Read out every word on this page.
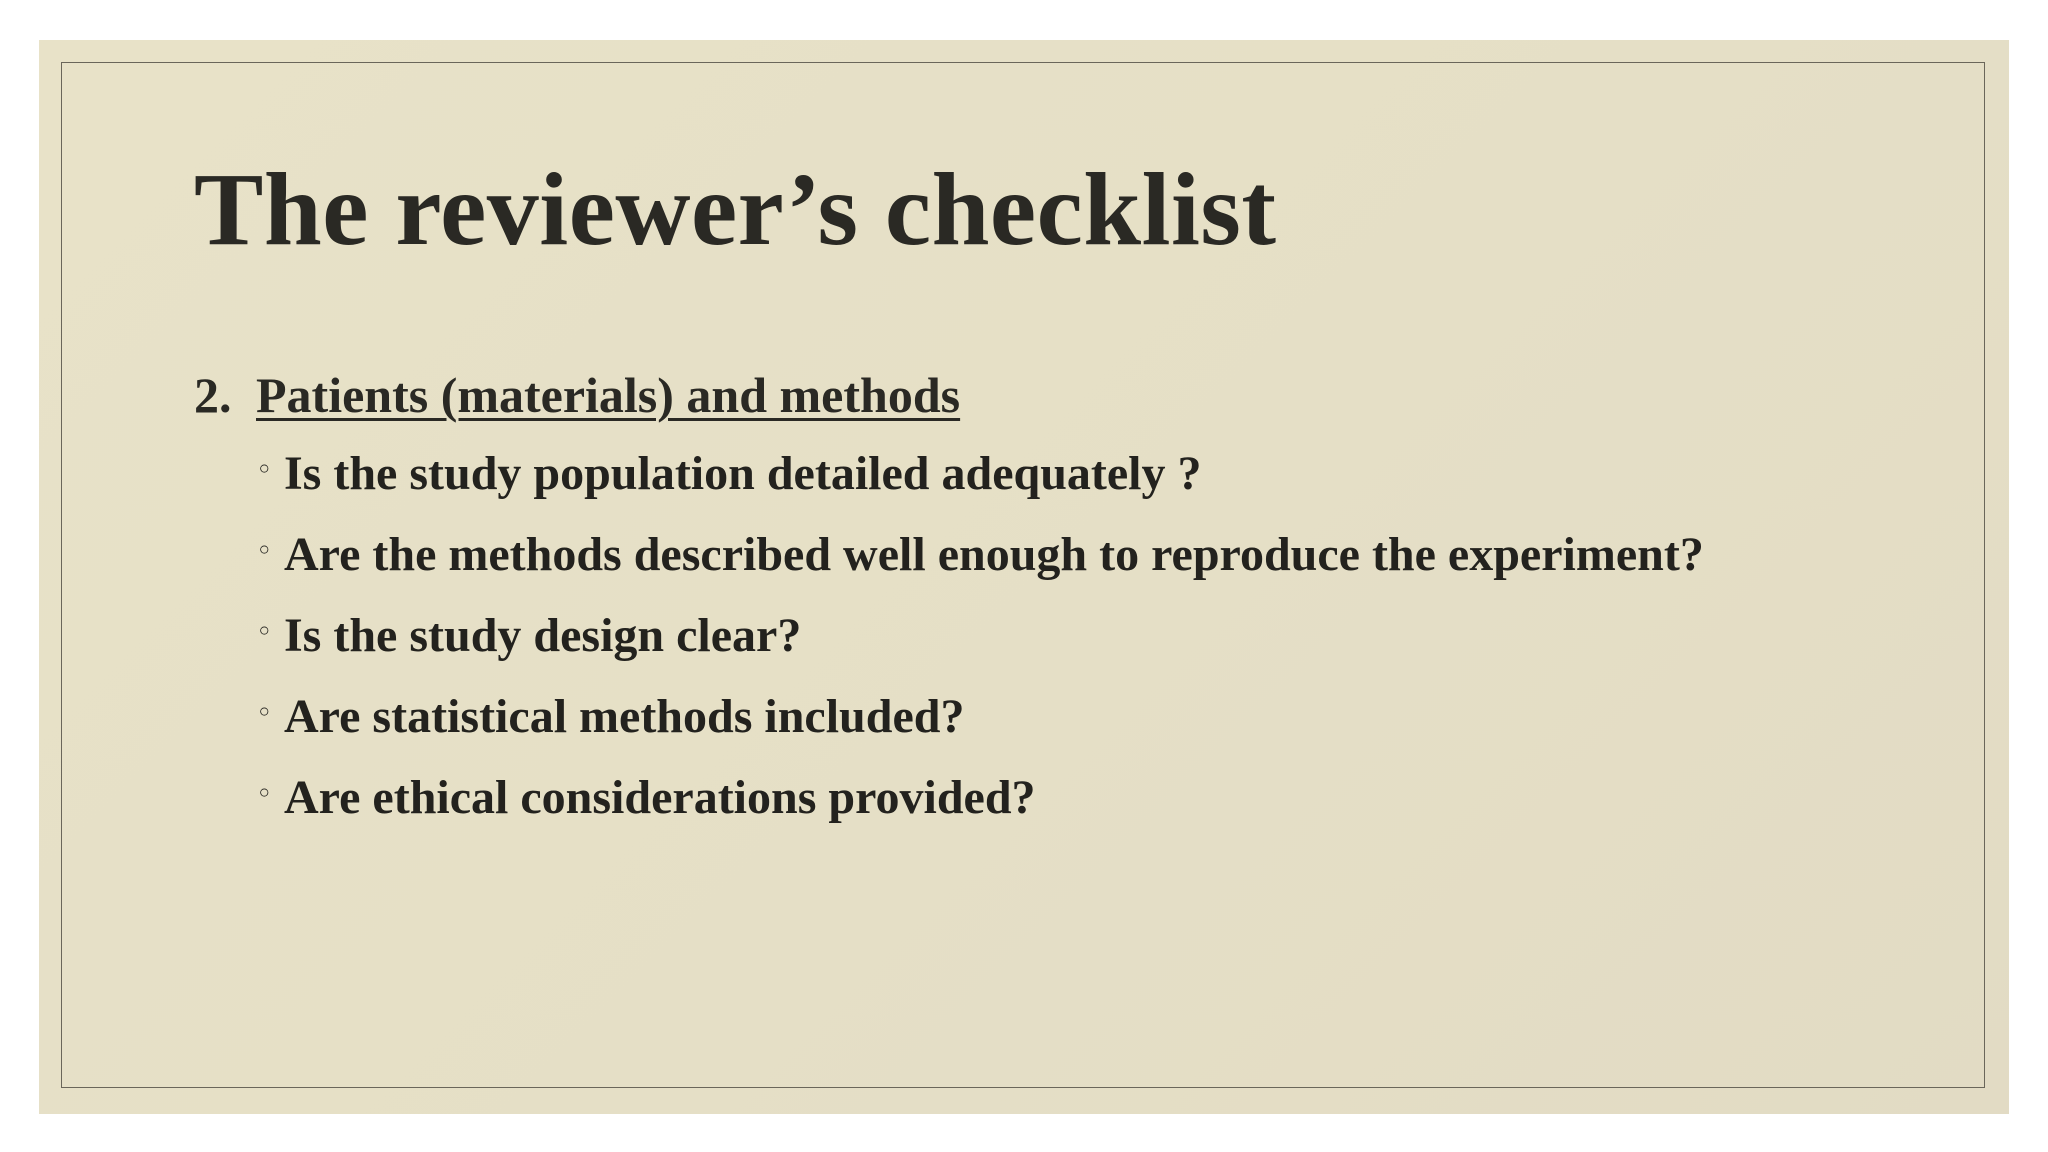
The reviewer’s checklist
2. Patients (materials) and methods
◦ Is the study population detailed adequately ?
◦ Are the methods described well enough to reproduce the experiment?
◦ Is the study design clear?
◦ Are statistical methods included?
◦ Are ethical considerations provided?
